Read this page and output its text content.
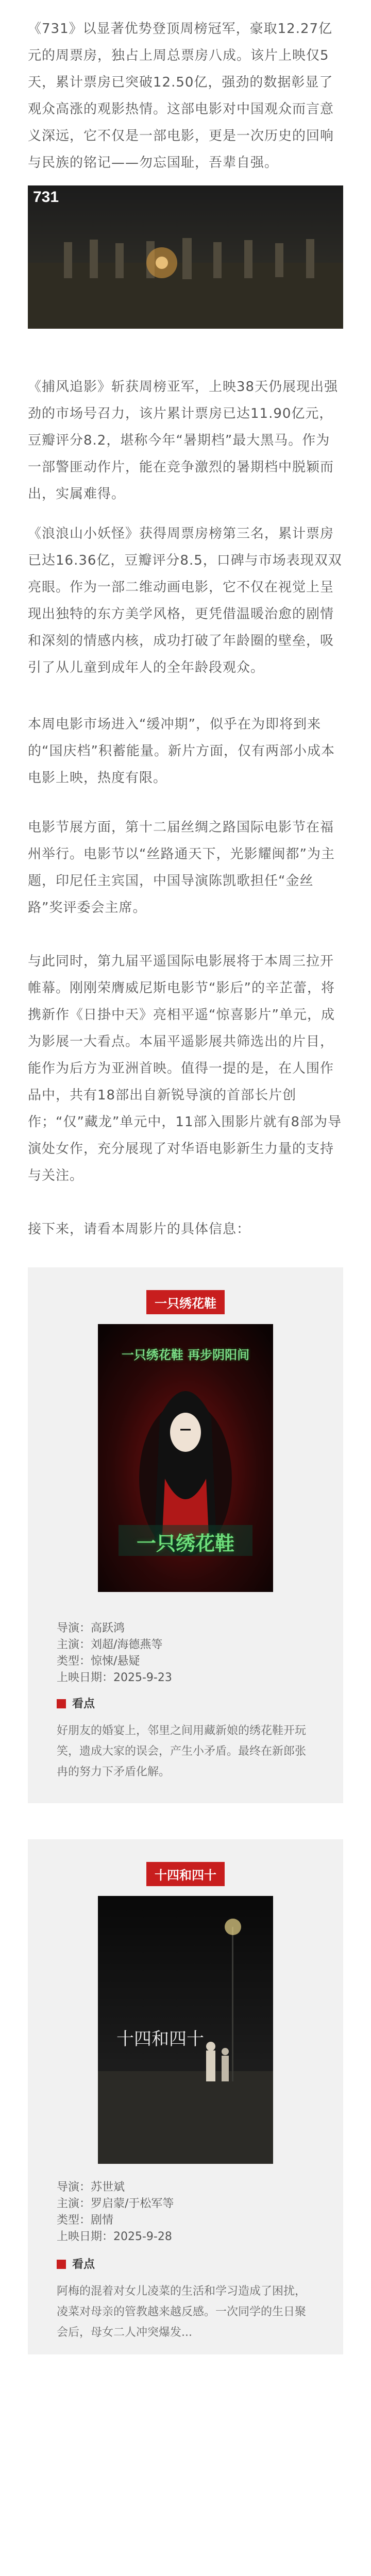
《731》以显著优势登顶周榜冠军，豪取12.27亿元的周票房，独占上周总票房八成。该片上映仅5天，累计票房已突破12.50亿，强劲的数据彰显了观众高涨的观影热情。这部电影对中国观众而言意义深远，它不仅是一部电影，更是一次历史的回响与民族的铭记——勿忘国耻，吾辈自强。

731

《捕风追影》斩获周榜亚军，上映38天仍展现出强劲的市场号召力，该片累计票房已达11.90亿元，豆瓣评分8.2，堪称今年“暑期档”最大黑马。作为一部警匪动作片，能在竞争激烈的暑期档中脱颖而出，实属难得。

《浪浪山小妖怪》获得周票房榜第三名，累计票房已达16.36亿，豆瓣评分8.5，口碑与市场表现双双亮眼。作为一部二维动画电影，它不仅在视觉上呈现出独特的东方美学风格，更凭借温暖治愈的剧情和深刻的情感内核，成功打破了年龄圈的壁垒，吸引了从儿童到成年人的全年龄段观众。

本周电影市场进入“缓冲期”，似乎在为即将到来的“国庆档”积蓄能量。新片方面，仅有两部小成本电影上映，热度有限。

电影节展方面，第十二届丝绸之路国际电影节在福州举行。电影节以“丝路通天下，光影耀闽都”为主题，印尼任主宾国，中国导演陈凯歌担任“金丝路”奖评委会主席。

与此同时，第九届平遥国际电影展将于本周三拉开帷幕。刚刚荣膺威尼斯电影节“影后”的辛芷蕾，将携新作《日掛中天》亮相平遥“惊喜影片”单元，成为影展一大看点。本届平遥影展共筛选出的片目，能作为后方为亚洲首映。值得一提的是，在人围作品中，共有18部出自新锐导演的首部长片创作；“仅”藏龙”单元中，11部入围影片就有8部为导演处女作，充分展现了对华语电影新生力量的支持与关注。

接下来，请看本周影片的具体信息：

一只绣花鞋
一只绣花鞋 再步阴阳间
一只绣花鞋
导演：高跃鸿
主演：刘超/海德燕等
类型：惊悚/悬疑
上映日期：2025-9-23
看点

好朋友的婚宴上，邻里之间用藏新娘的绣花鞋开玩笑，遗成大家的误会，产生小矛盾。最终在新郎张冉的努力下矛盾化解。

十四和四十
十四和四十
导演：苏世斌
主演：罗启蒙/于松军等
类型：剧情
上映日期：2025-9-28
看点

阿梅的混着对女儿凌菜的生活和学习造成了困扰，凌菜对母亲的管教越来越反感。一次同学的生日聚会后，母女二人冲突爆发...
